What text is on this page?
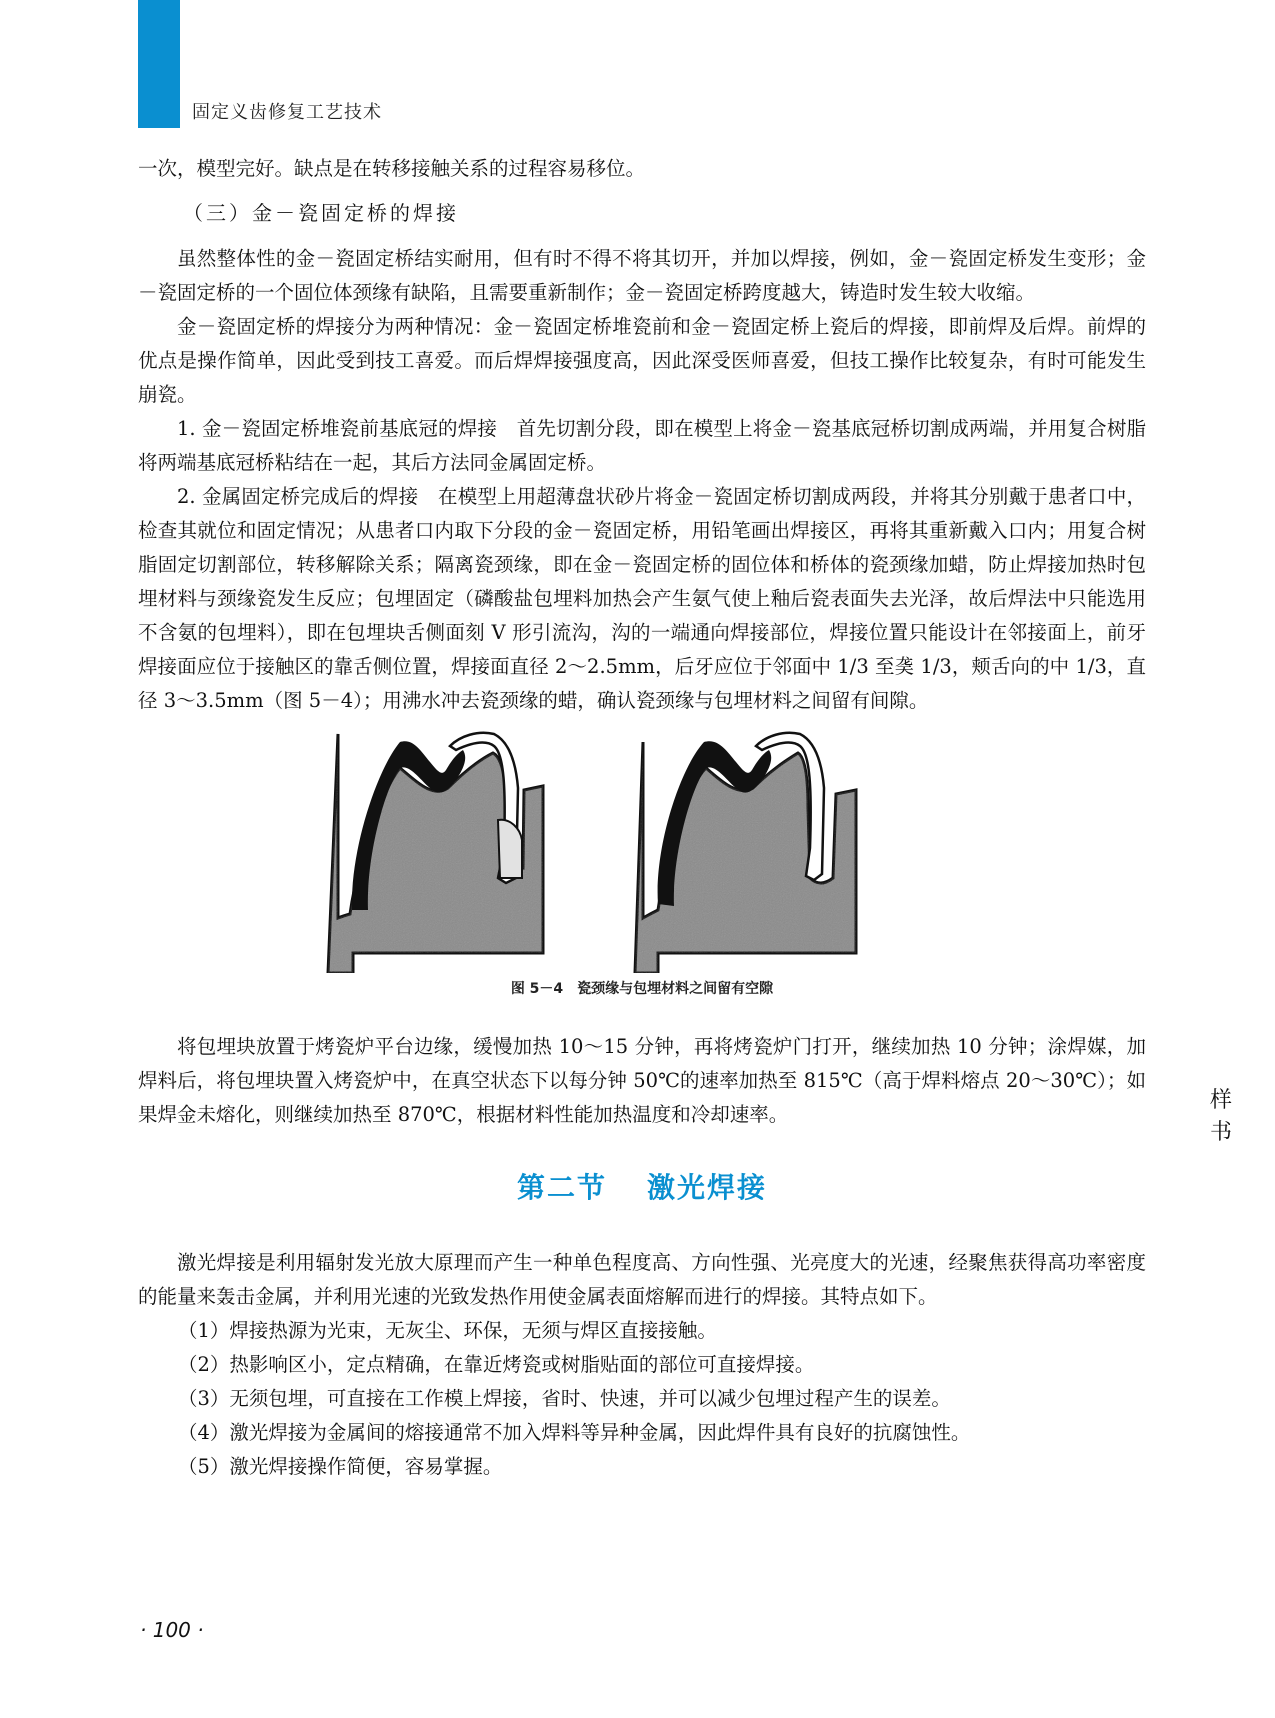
固定义齿修复工艺技术

一次，模型完好。缺点是在转移接触关系的过程容易移位。

（三）金－瓷固定桥的焊接

虽然整体性的金－瓷固定桥结实耐用，但有时不得不将其切开，并加以焊接，例如，金－瓷固定桥发生变形；金－瓷固定桥的一个固位体颈缘有缺陷，且需要重新制作；金－瓷固定桥跨度越大，铸造时发生较大收缩。

金－瓷固定桥的焊接分为两种情况：金－瓷固定桥堆瓷前和金－瓷固定桥上瓷后的焊接，即前焊及后焊。前焊的优点是操作简单，因此受到技工喜爱。而后焊焊接强度高，因此深受医师喜爱，但技工操作比较复杂，有时可能发生崩瓷。

1. 金－瓷固定桥堆瓷前基底冠的焊接　首先切割分段，即在模型上将金－瓷基底冠桥切割成两端，并用复合树脂将两端基底冠桥粘结在一起，其后方法同金属固定桥。

2. 金属固定桥完成后的焊接　在模型上用超薄盘状砂片将金－瓷固定桥切割成两段，并将其分别戴于患者口中，检查其就位和固定情况；从患者口内取下分段的金－瓷固定桥，用铅笔画出焊接区，再将其重新戴入口内；用复合树脂固定切割部位，转移解除关系；隔离瓷颈缘，即在金－瓷固定桥的固位体和桥体的瓷颈缘加蜡，防止焊接加热时包埋材料与颈缘瓷发生反应；包埋固定（磷酸盐包埋料加热会产生氨气使上釉后瓷表面失去光泽，故后焊法中只能选用不含氨的包埋料），即在包埋块舌侧面刻 V 形引流沟，沟的一端通向焊接部位，焊接位置只能设计在邻接面上，前牙焊接面应位于接触区的靠舌侧位置，焊接面直径 2～2.5mm，后牙应位于邻面中 1/3 至䶮 1/3，颊舌向的中 1/3，直径 3～3.5mm（图 5－4）；用沸水冲去瓷颈缘的蜡，确认瓷颈缘与包埋材料之间留有间隙。

图 5－4　瓷颈缘与包埋材料之间留有空隙

将包埋块放置于烤瓷炉平台边缘，缓慢加热 10～15 分钟，再将烤瓷炉门打开，继续加热 10 分钟；涂焊媒，加焊料后，将包埋块置入烤瓷炉中，在真空状态下以每分钟 50℃的速率加热至 815℃（高于焊料熔点 20～30℃）；如果焊金未熔化，则继续加热至 870℃，根据材料性能加热温度和冷却速率。

第二节 激光焊接

激光焊接是利用辐射发光放大原理而产生一种单色程度高、方向性强、光亮度大的光速，经聚焦获得高功率密度的能量来轰击金属，并利用光速的光致发热作用使金属表面熔解而进行的焊接。其特点如下。

（1）焊接热源为光束，无灰尘、环保，无须与焊区直接接触。

（2）热影响区小，定点精确，在靠近烤瓷或树脂贴面的部位可直接焊接。

（3）无须包埋，可直接在工作模上焊接，省时、快速，并可以减少包埋过程产生的误差。

（4）激光焊接为金属间的熔接通常不加入焊料等异种金属，因此焊件具有良好的抗腐蚀性。

（5）激光焊接操作简便，容易掌握。

样书
· 100 ·
